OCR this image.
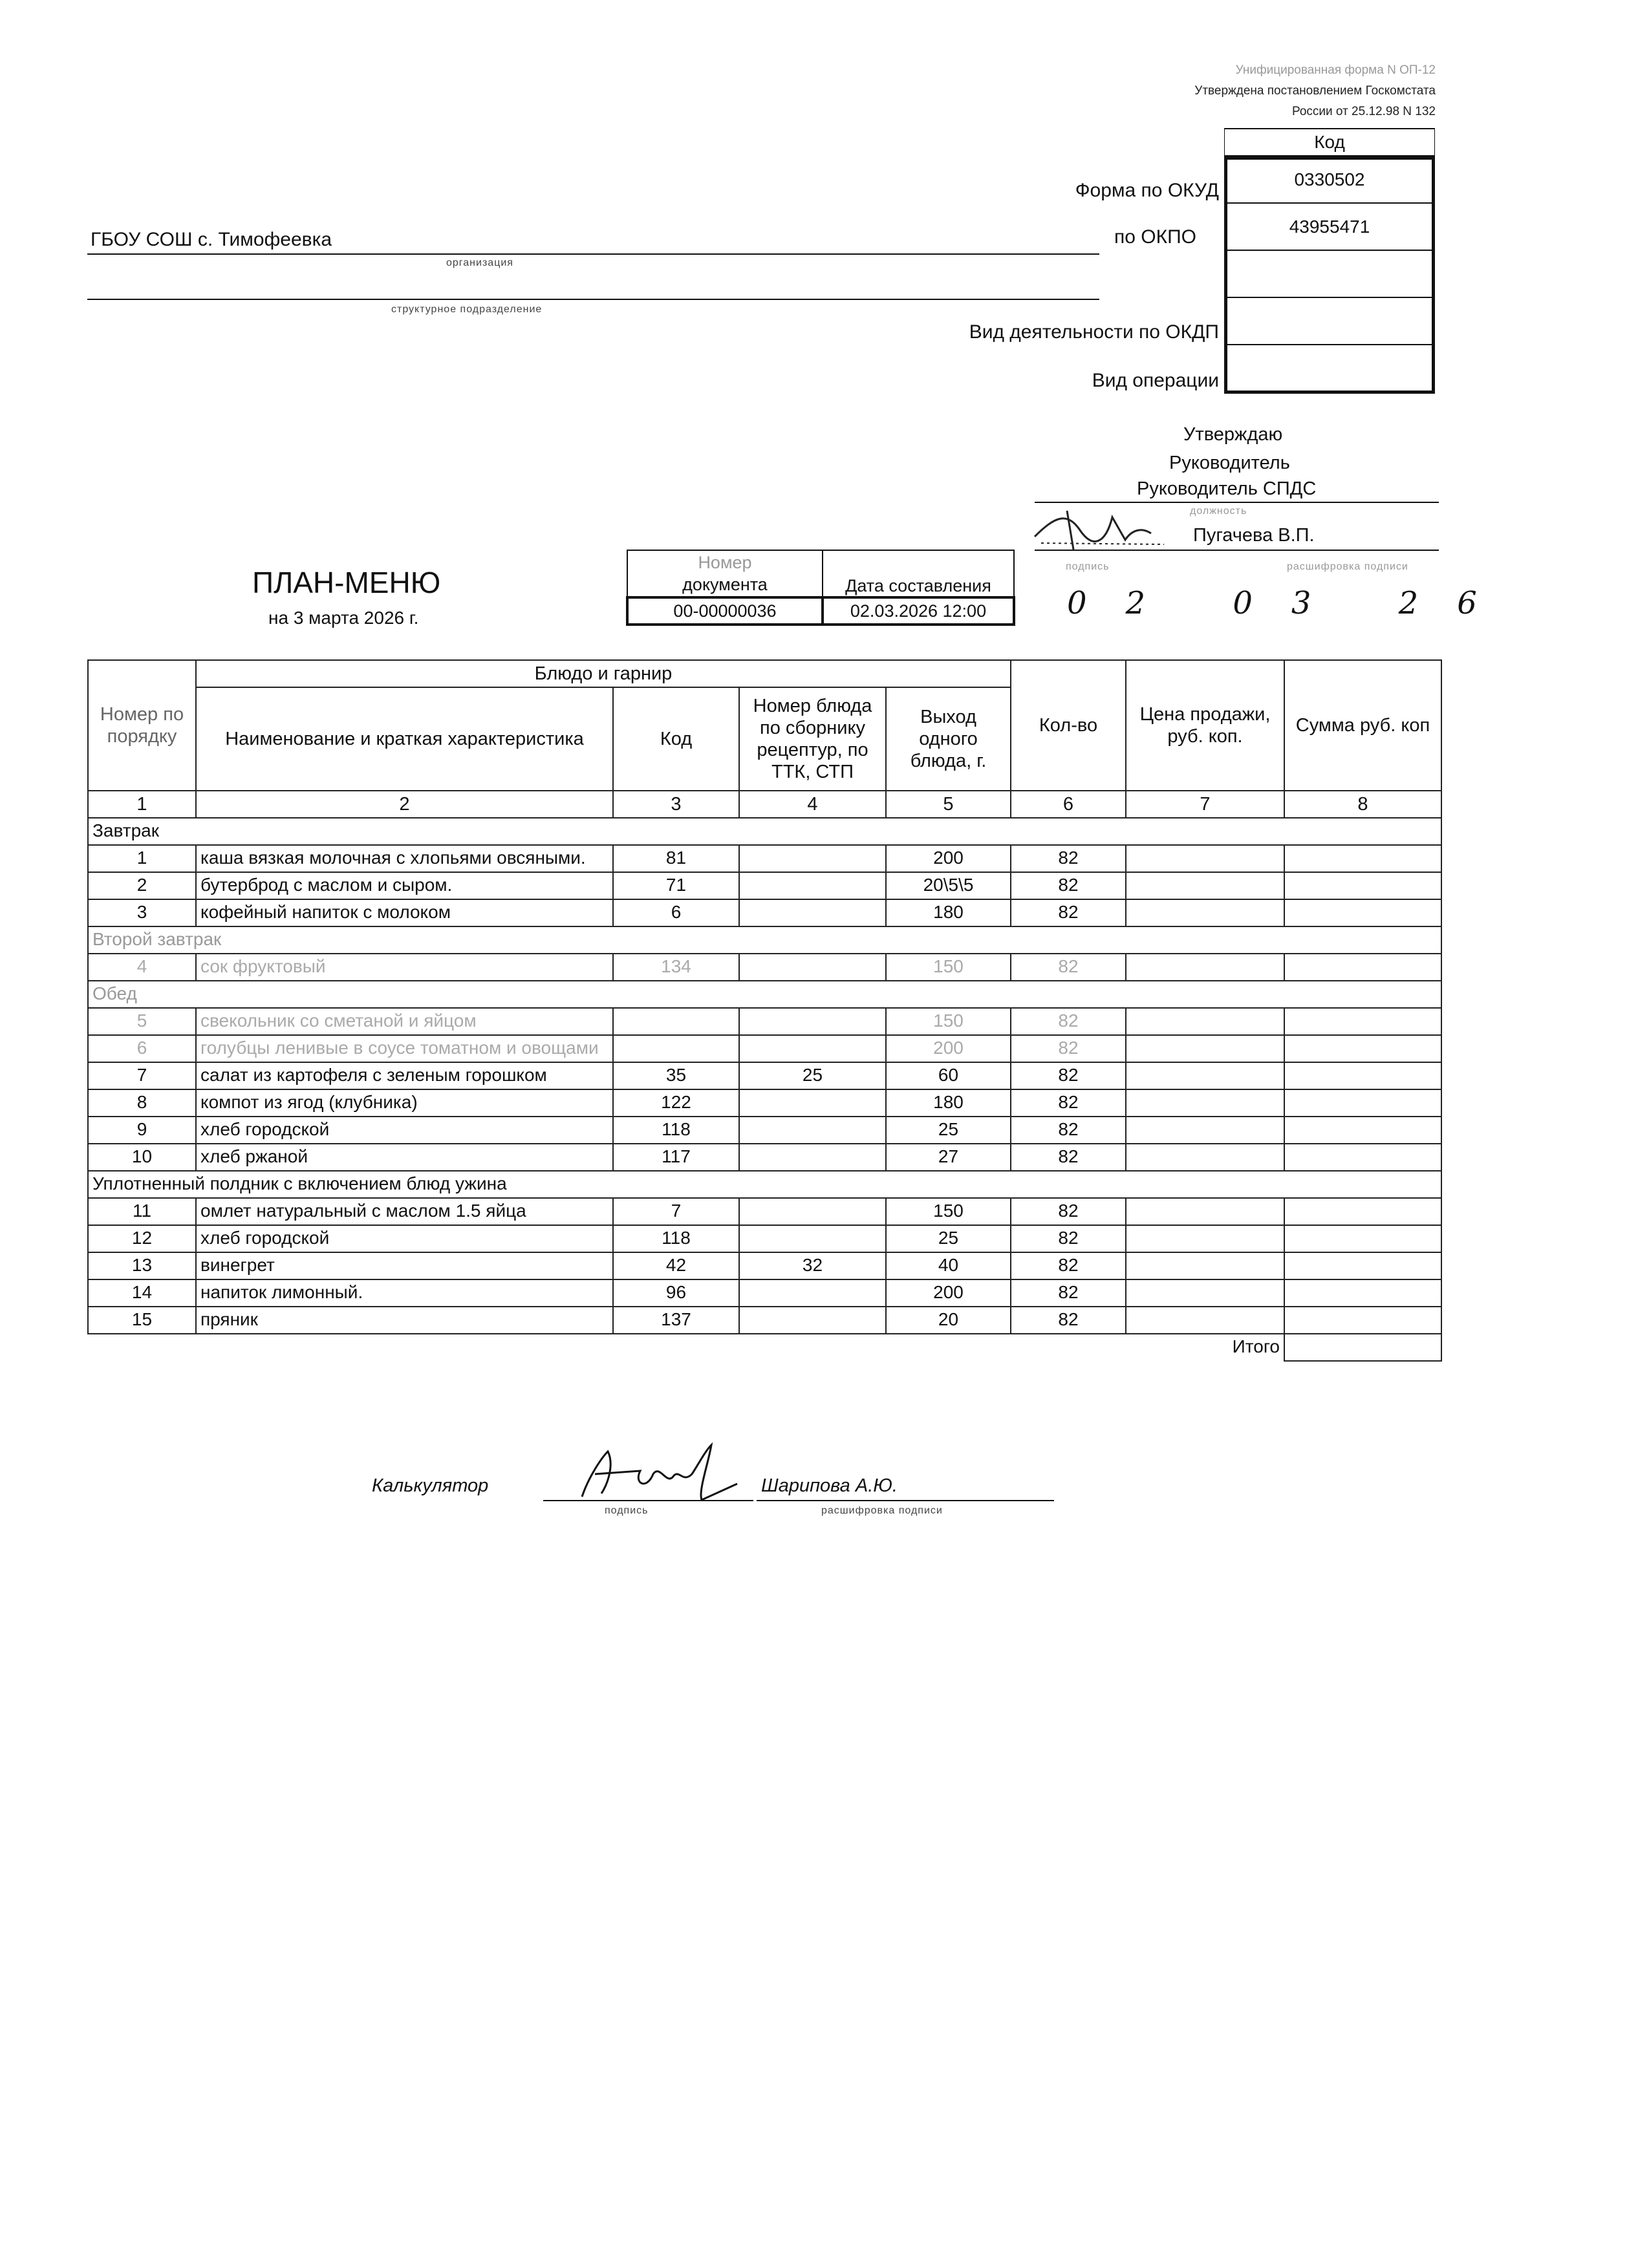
Унифицированная форма N ОП-12
Утверждена постановлением Госкомстата
России от 25.12.98 N 132
Код
0330502
43955471
Форма по ОКУД
по ОКПО
Вид деятельности по ОКДП
Вид операции
ГБОУ СОШ с. Тимофеевка
организация
структурное подразделение
Утверждаю
Руководитель
Руководитель СПДС
должность
Пугачева В.П.
подпись	расшифровка подписи
02 03 26
ПЛАН-МЕНЮ
на 3 марта 2026 г.
Номер
документа	Дата составления
00-00000036	02.03.2026 12:00
Номер по порядку	Блюдо и гарнир				Кол-во	Цена продажи, руб. коп.	Сумма руб. коп
	Наименование и краткая характеристика	Код	Номер блюда по сборнику рецептур, по ТТК, СТП	Выход одного блюда, г.			
1	2	3	4	5	6	7	8
Завтрак							
1	каша вязкая молочная с хлопьями овсяными.	81		200	82		
2	бутерброд с маслом и сыром.	71		20\5\5	82		
3	кофейный напиток с молоком	6		180	82		
Второй завтрак							
4	сок фруктовый	134		150	82		
Обед							
5	свекольник со сметаной и яйцом			150	82		
6	голубцы ленивые в соусе томатном и овощами			200	82		
7	салат из картофеля с зеленым горошком	35	25	60	82		
8	компот из ягод (клубника)	122		180	82		
9	хлеб городской	118		25	82		
10	хлеб ржаной	117		27	82		
Уплотненный полдник с включением блюд ужина							
11	омлет натуральный с маслом 1.5 яйца	7		150	82		
12	хлеб городской	118		25	82		
13	винегрет	42	32	40	82		
14	напиток лимонный.	96		200	82		
15	пряник	137		20	82		
Итого							
Калькулятор
подпись
Шарипова А.Ю.
расшифровка подписи
